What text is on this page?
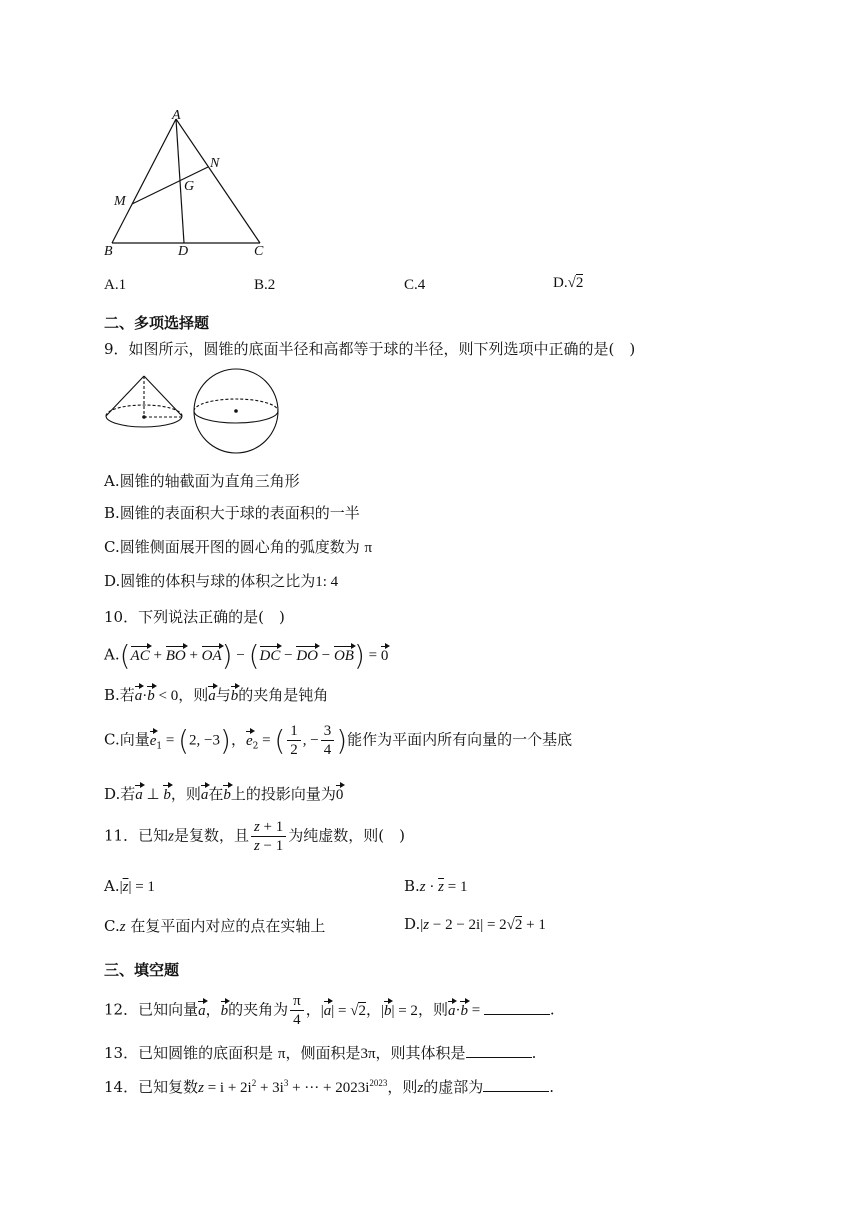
A
N
G
M
B	D	C
A.1	B.2	C.4	D.√2
二、多项选择题
9．如图所示，圆锥的底面半径和高都等于球的半径，则下列选项中正确的是(　)
A.圆锥的轴截面为直角三角形
B.圆锥的表面积大于球的表面积的一半
C.圆锥侧面展开图的圆心角的弧度数为 π
D.圆锥的体积与球的体积之比为1: 4
10．下列说法正确的是(　)
A.(AC + BO + OA) − (DC − DO − OB) = 0
B.若a·b < 0，则a与b的夹角是钝角
C.向量$e_1 = (2$, −3)，$e_2$ = ( $\frac{1}{2}$ , − $\frac{3}{4}$ )能作为平面内所有向量的一个基底
D.若a ⊥ b，则a在b上的投影向量为0
11．已知z是复数，且 $\frac{z + 1}{z - 1}$ 为纯虚数，则(　)
$A.|\overline{z}| = 1$	$B.z \cdot \overline{z} = 1$
C.z 在复平面内对应的点在实轴上	D.|z − 2 − 2i| = 2√2 + 1
三、填空题
12．已知向量a，b的夹角为 $\frac{\pi}{4}$ ，|a| = √2，|b| = 2，则a·b =	.
13．已知圆锥的底面积是 π，侧面积是3π，则其体积是	.
14．已知复数$z = i + 2i^2 + 3i^3$ + ··· + $2023i^{2023}$，则z的虚部为	.
